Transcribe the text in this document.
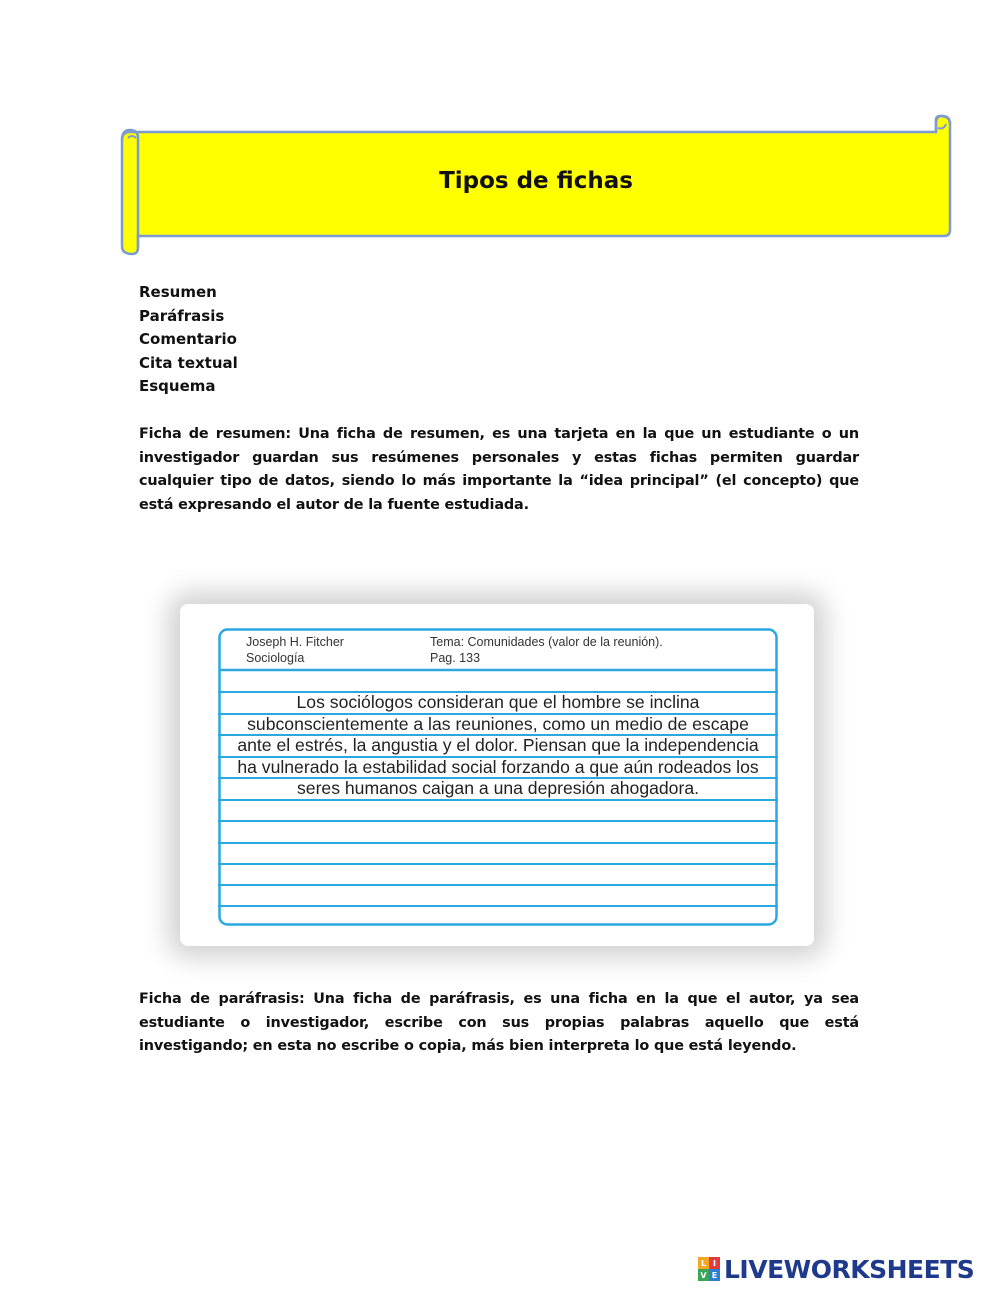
Tipos de fichas
Resumen
Paráfrasis
Comentario
Cita textual
Esquema

Ficha de resumen: Una ficha de resumen, es una tarjeta en la que un estudiante o un investigador guardan sus resúmenes personales y estas fichas permiten guardar cualquier tipo de datos, siendo lo más importante la “idea principal” (el concepto) que está expresando el autor de la fuente estudiada.

Joseph H. Fitcher
Sociología
Tema: Comunidades (valor de la reunión).
Pag. 133

Los sociólogos consideran que el hombre se inclina subconscientemente a las reuniones, como un medio de escape ante el estrés, la angustia y el dolor. Piensan que la independencia ha vulnerado la estabilidad social forzando a que aún rodeados los seres humanos caigan a una depresión ahogadora.

Ficha de paráfrasis: Una ficha de paráfrasis, es una ficha en la que el autor, ya sea estudiante o investigador, escribe con sus propias palabras aquello que está investigando; en esta no escribe o copia, más bien interpreta lo que está leyendo.

L I
V E LIVEWORKSHEETS
